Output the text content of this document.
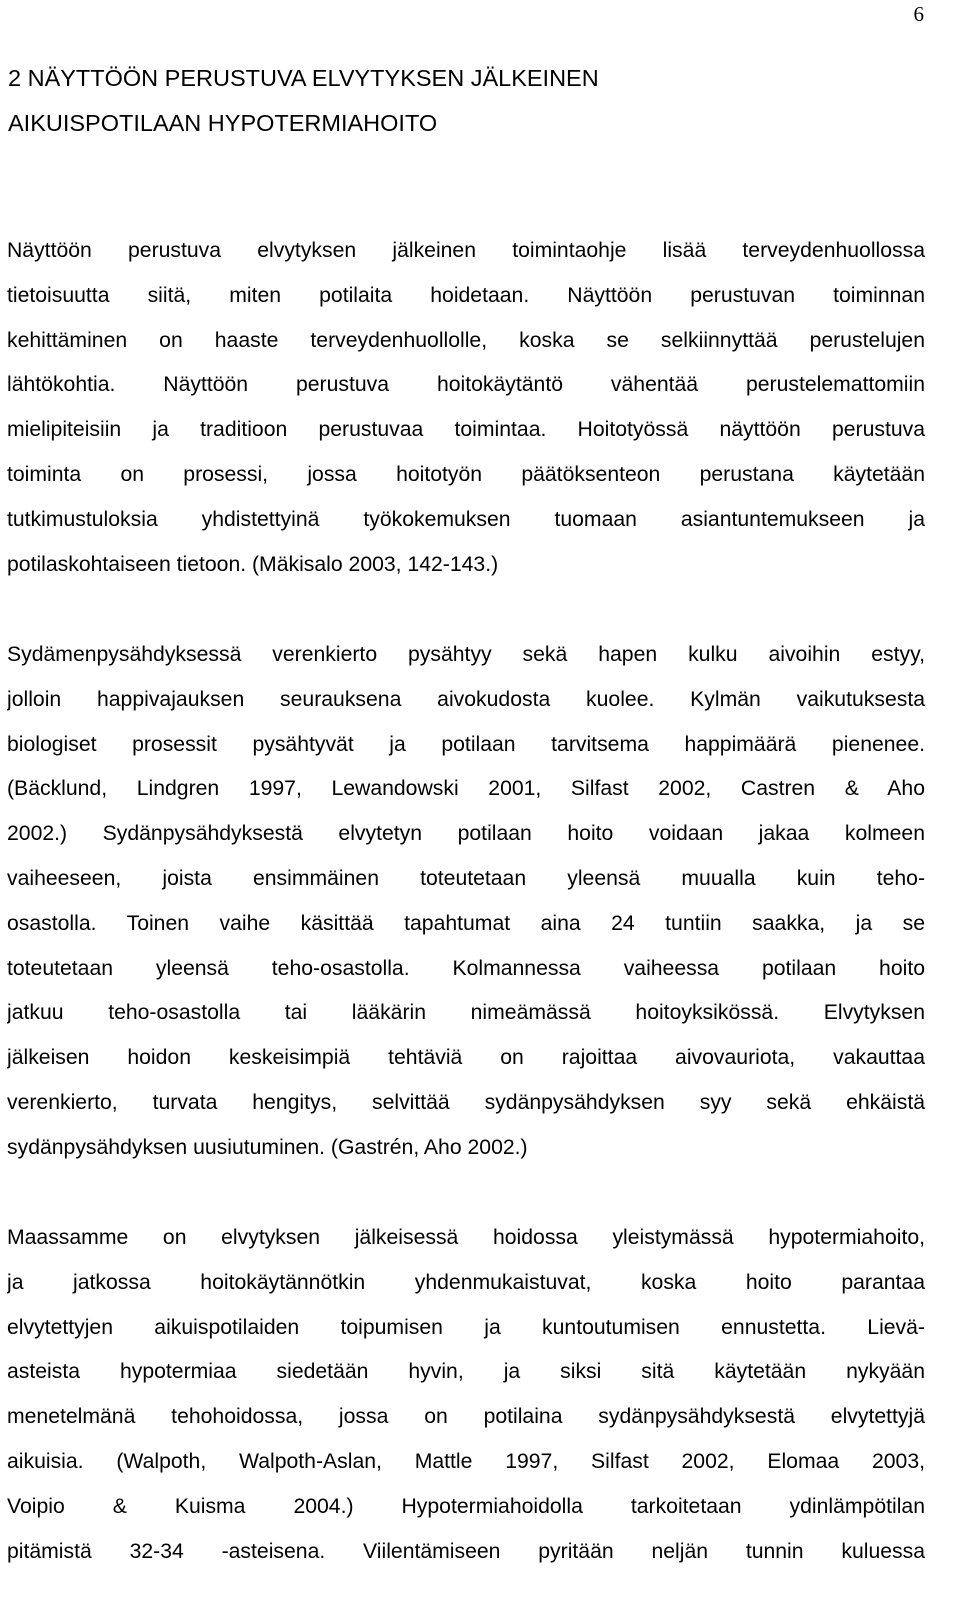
6
2 NÄYTTÖÖN PERUSTUVA ELVYTYKSEN JÄLKEINEN
AIKUISPOTILAAN HYPOTERMIAHOITO
Näyttöön perustuva elvytyksen jälkeinen toimintaohje lisää terveydenhuollossa
tietoisuutta siitä, miten potilaita hoidetaan. Näyttöön perustuvan toiminnan
kehittäminen on haaste terveydenhuollolle, koska se selkiinnyttää perustelujen
lähtökohtia. Näyttöön perustuva hoitokäytäntö vähentää perustelemattomiin
mielipiteisiin ja traditioon perustuvaa toimintaa. Hoitotyössä näyttöön perustuva
toiminta on prosessi, jossa hoitotyön päätöksenteon perustana käytetään
tutkimustuloksia yhdistettyinä työkokemuksen tuomaan asiantuntemukseen ja
potilaskohtaiseen tietoon. (Mäkisalo 2003, 142-143.)
Sydämenpysähdyksessä verenkierto pysähtyy sekä hapen kulku aivoihin estyy,
jolloin happivajauksen seurauksena aivokudosta kuolee. Kylmän vaikutuksesta
biologiset prosessit pysähtyvät ja potilaan tarvitsema happimäärä pienenee.
(Bäcklund, Lindgren 1997, Lewandowski 2001, Silfast 2002, Castren & Aho
2002.) Sydänpysähdyksestä elvytetyn potilaan hoito voidaan jakaa kolmeen
vaiheeseen, joista ensimmäinen toteutetaan yleensä muualla kuin teho-
osastolla. Toinen vaihe käsittää tapahtumat aina 24 tuntiin saakka, ja se
toteutetaan yleensä teho-osastolla. Kolmannessa vaiheessa potilaan hoito
jatkuu teho-osastolla tai lääkärin nimeämässä hoitoyksikössä. Elvytyksen
jälkeisen hoidon keskeisimpiä tehtäviä on rajoittaa aivovauriota, vakauttaa
verenkierto, turvata hengitys, selvittää sydänpysähdyksen syy sekä ehkäistä
sydänpysähdyksen uusiutuminen. (Gastrén, Aho 2002.)
Maassamme on elvytyksen jälkeisessä hoidossa yleistymässä hypotermiahoito,
ja jatkossa hoitokäytännötkin yhdenmukaistuvat, koska hoito parantaa
elvytettyjen aikuispotilaiden toipumisen ja kuntoutumisen ennustetta. Lievä-
asteista hypotermiaa siedetään hyvin, ja siksi sitä käytetään nykyään
menetelmänä tehohoidossa, jossa on potilaina sydänpysähdyksestä elvytettyjä
aikuisia. (Walpoth, Walpoth-Aslan, Mattle 1997, Silfast 2002, Elomaa 2003,
Voipio & Kuisma 2004.) Hypotermiahoidolla tarkoitetaan ydinlämpötilan
pitämistä 32-34 -asteisena. Viilentämiseen pyritään neljän tunnin kuluessa
